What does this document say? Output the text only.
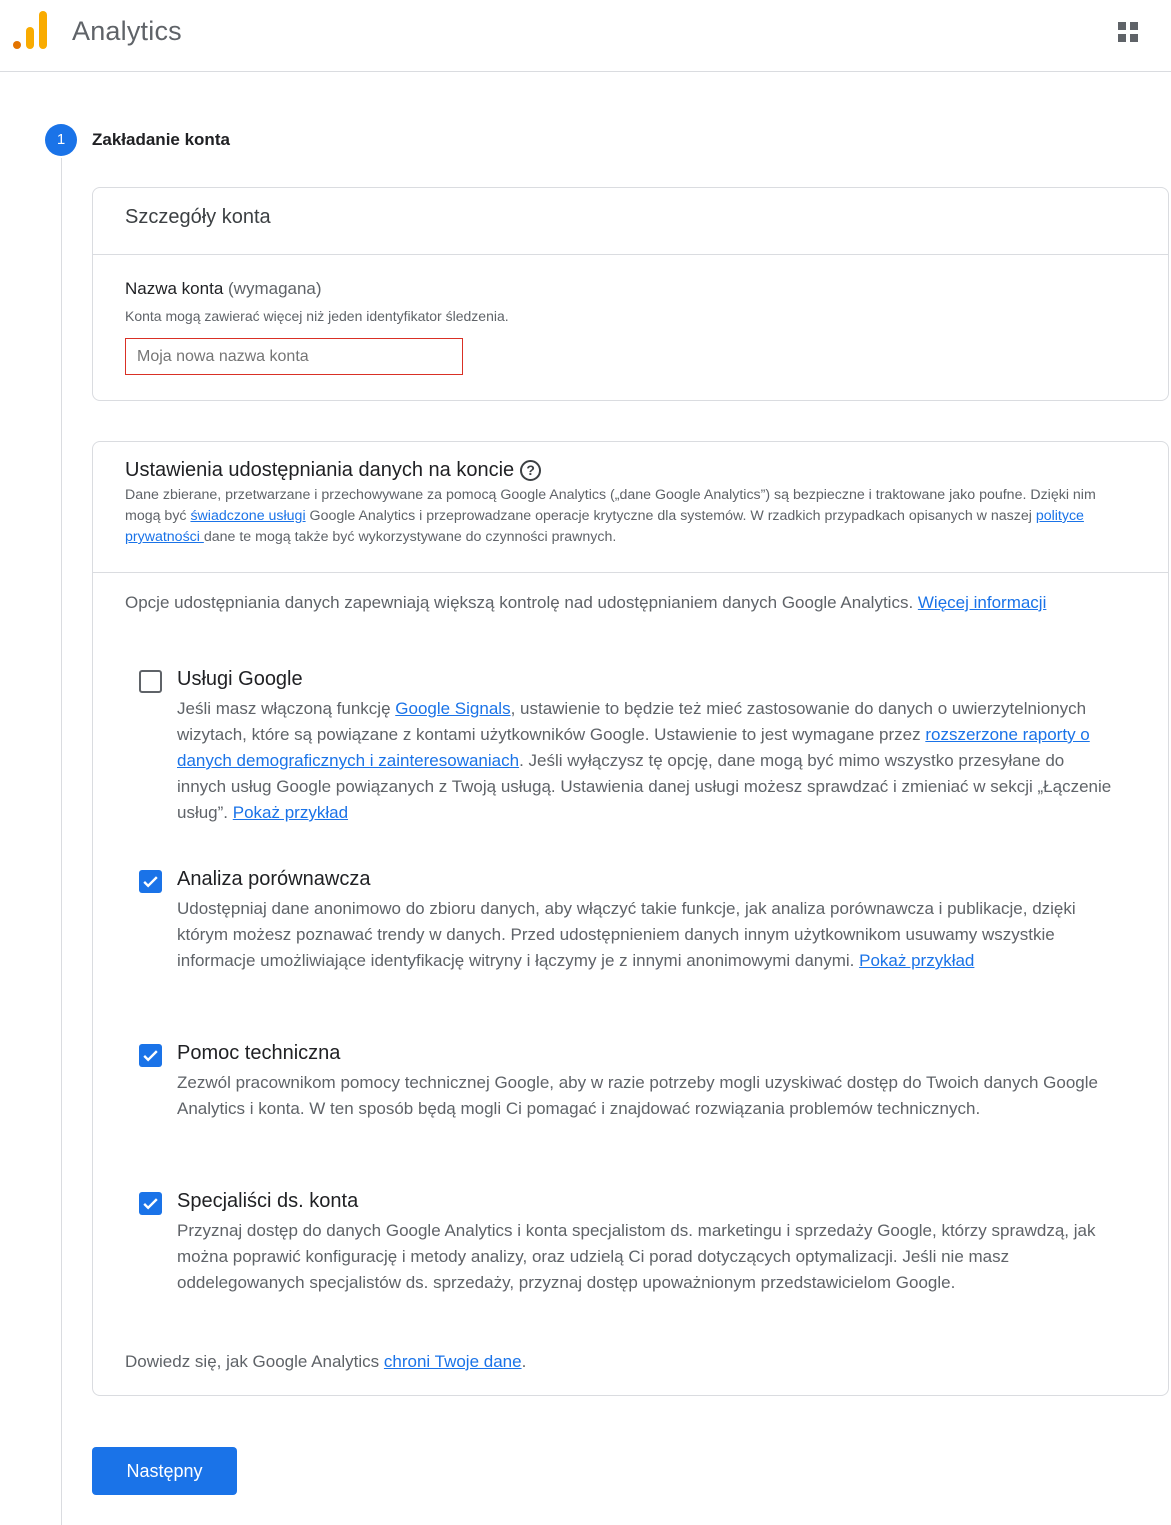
Analytics
1	Zakładanie konta
Szczegóły konta
Nazwa konta (wymagana)
Konta mogą zawierać więcej niż jeden identyfikator śledzenia.
Moja nowa nazwa konta
Ustawienia udostępniania danych na koncie ?
Dane zbierane, przetwarzane i przechowywane za pomocą Google Analytics („dane Google Analytics”) są bezpieczne i traktowane jako poufne. Dzięki nim mogą być świadczone usługi Google Analytics i przeprowadzane operacje krytyczne dla systemów. W rzadkich przypadkach opisanych w naszej polityce prywatności dane te mogą także być wykorzystywane do czynności prawnych.
Opcje udostępniania danych zapewniają większą kontrolę nad udostępnianiem danych Google Analytics. Więcej informacji
Usługi Google
Jeśli masz włączoną funkcję Google Signals, ustawienie to będzie też mieć zastosowanie do danych o uwierzytelnionych wizytach, które są powiązane z kontami użytkowników Google. Ustawienie to jest wymagane przez rozszerzone raporty o danych demograficznych i zainteresowaniach. Jeśli wyłączysz tę opcję, dane mogą być mimo wszystko przesyłane do innych usług Google powiązanych z Twoją usługą. Ustawienia danej usługi możesz sprawdzać i zmieniać w sekcji „Łączenie usług”. Pokaż przykład
Analiza porównawcza
Udostępniaj dane anonimowo do zbioru danych, aby włączyć takie funkcje, jak analiza porównawcza i publikacje, dzięki którym możesz poznawać trendy w danych. Przed udostępnieniem danych innym użytkownikom usuwamy wszystkie informacje umożliwiające identyfikację witryny i łączymy je z innymi anonimowymi danymi. Pokaż przykład
Pomoc techniczna
Zezwól pracownikom pomocy technicznej Google, aby w razie potrzeby mogli uzyskiwać dostęp do Twoich danych Google Analytics i konta. W ten sposób będą mogli Ci pomagać i znajdować rozwiązania problemów technicznych.
Specjaliści ds. konta
Przyznaj dostęp do danych Google Analytics i konta specjalistom ds. marketingu i sprzedaży Google, którzy sprawdzą, jak można poprawić konfigurację i metody analizy, oraz udzielą Ci porad dotyczących optymalizacji. Jeśli nie masz oddelegowanych specjalistów ds. sprzedaży, przyznaj dostęp upoważnionym przedstawicielom Google.
Dowiedz się, jak Google Analytics chroni Twoje dane.
Następny
